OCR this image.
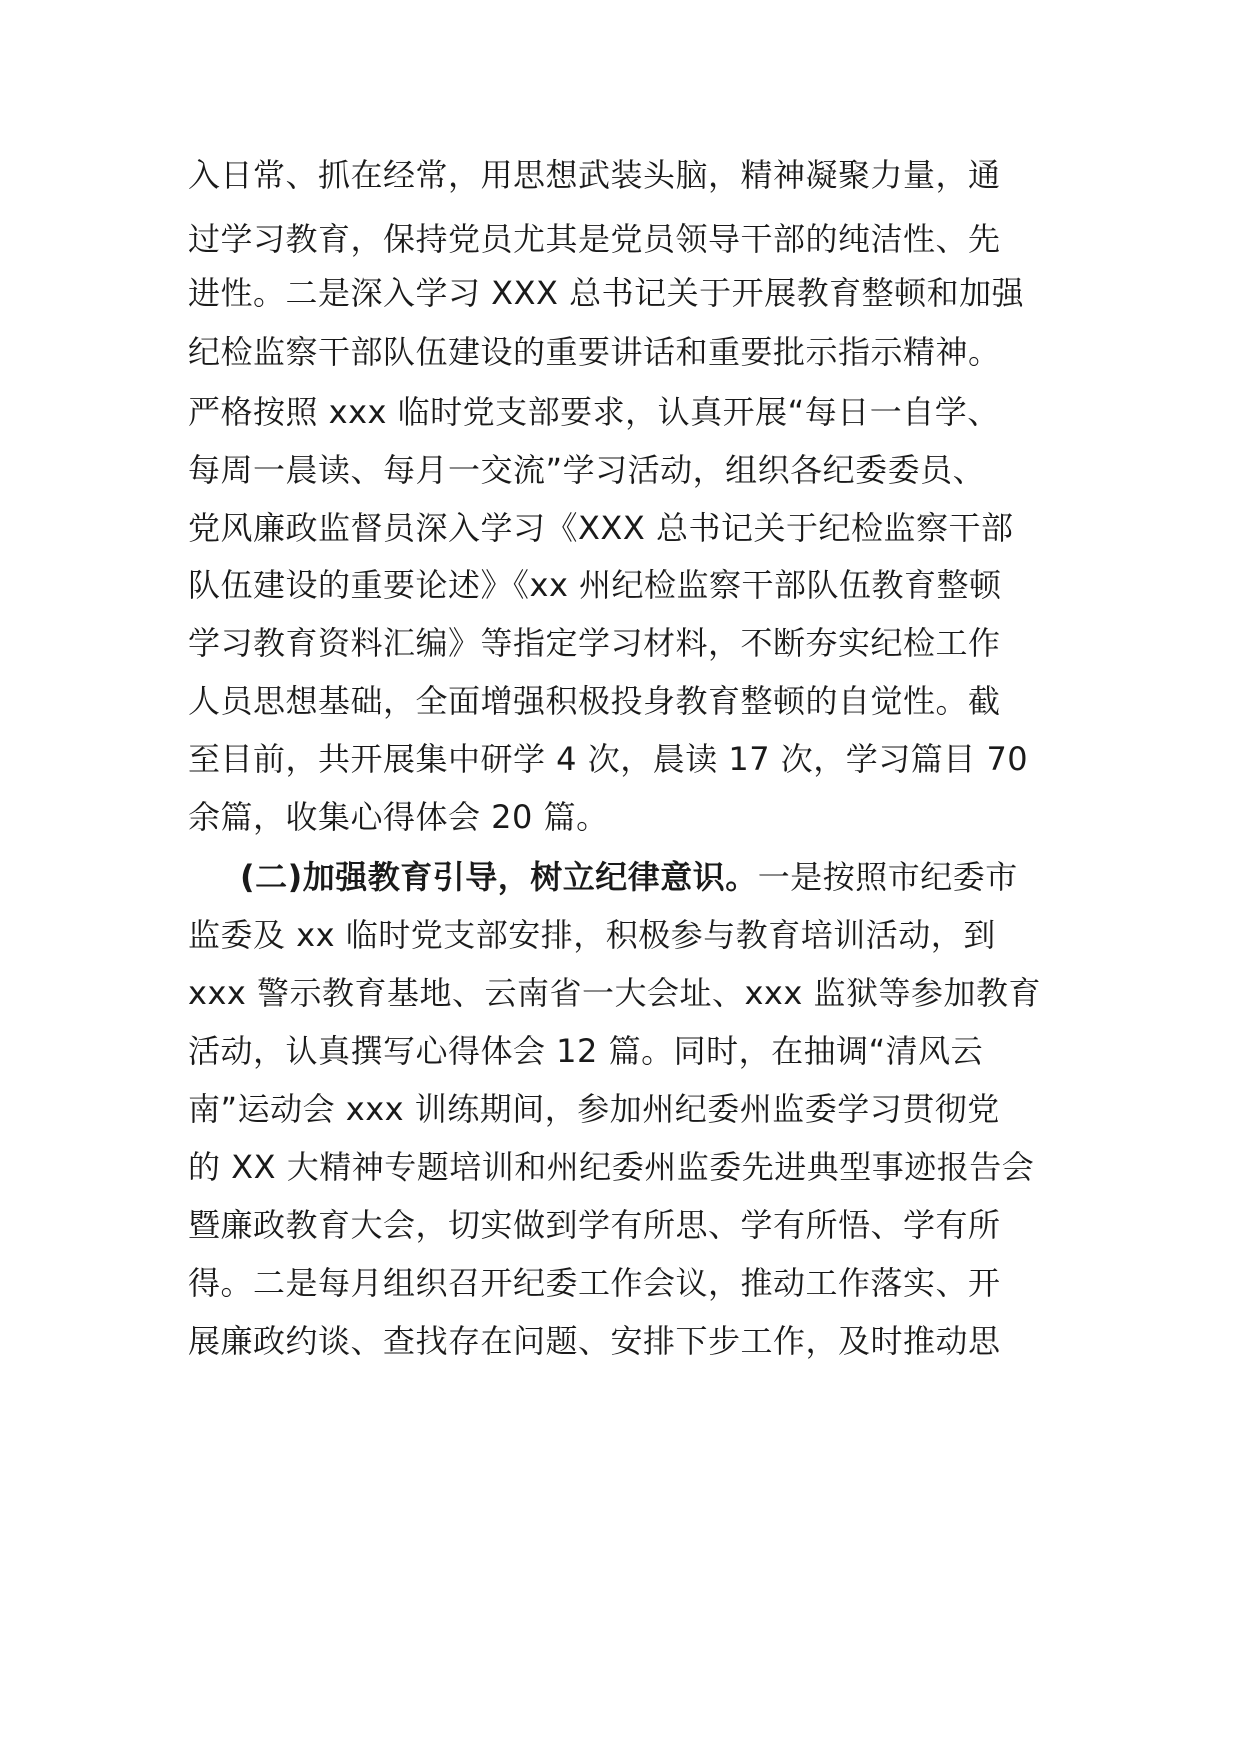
入日常、抓在经常，用思想武装头脑，精神凝聚力量，通
过学习教育，保持党员尤其是党员领导干部的纯洁性、先
进性。二是深入学习 XXX 总书记关于开展教育整顿和加强
纪检监察干部队伍建设的重要讲话和重要批示指示精神。
严格按照 xxx 临时党支部要求，认真开展“每日一自学、
每周一晨读、每月一交流”学习活动，组织各纪委委员、
党风廉政监督员深入学习《XXX 总书记关于纪检监察干部
队伍建设的重要论述》《xx 州纪检监察干部队伍教育整顿
学习教育资料汇编》等指定学习材料，不断夯实纪检工作
人员思想基础，全面增强积极投身教育整顿的自觉性。截
至目前，共开展集中研学 4 次，晨读 17 次，学习篇目 70
余篇，收集心得体会 20 篇。
(二)加强教育引导，树立纪律意识。一是按照市纪委市
监委及 xx 临时党支部安排，积极参与教育培训活动，到
xxx 警示教育基地、云南省一大会址、xxx 监狱等参加教育
活动，认真撰写心得体会 12 篇。同时，在抽调“清风云
南”运动会 xxx 训练期间，参加州纪委州监委学习贯彻党
的 XX 大精神专题培训和州纪委州监委先进典型事迹报告会
暨廉政教育大会，切实做到学有所思、学有所悟、学有所
得。二是每月组织召开纪委工作会议，推动工作落实、开
展廉政约谈、查找存在问题、安排下步工作，及时推动思
